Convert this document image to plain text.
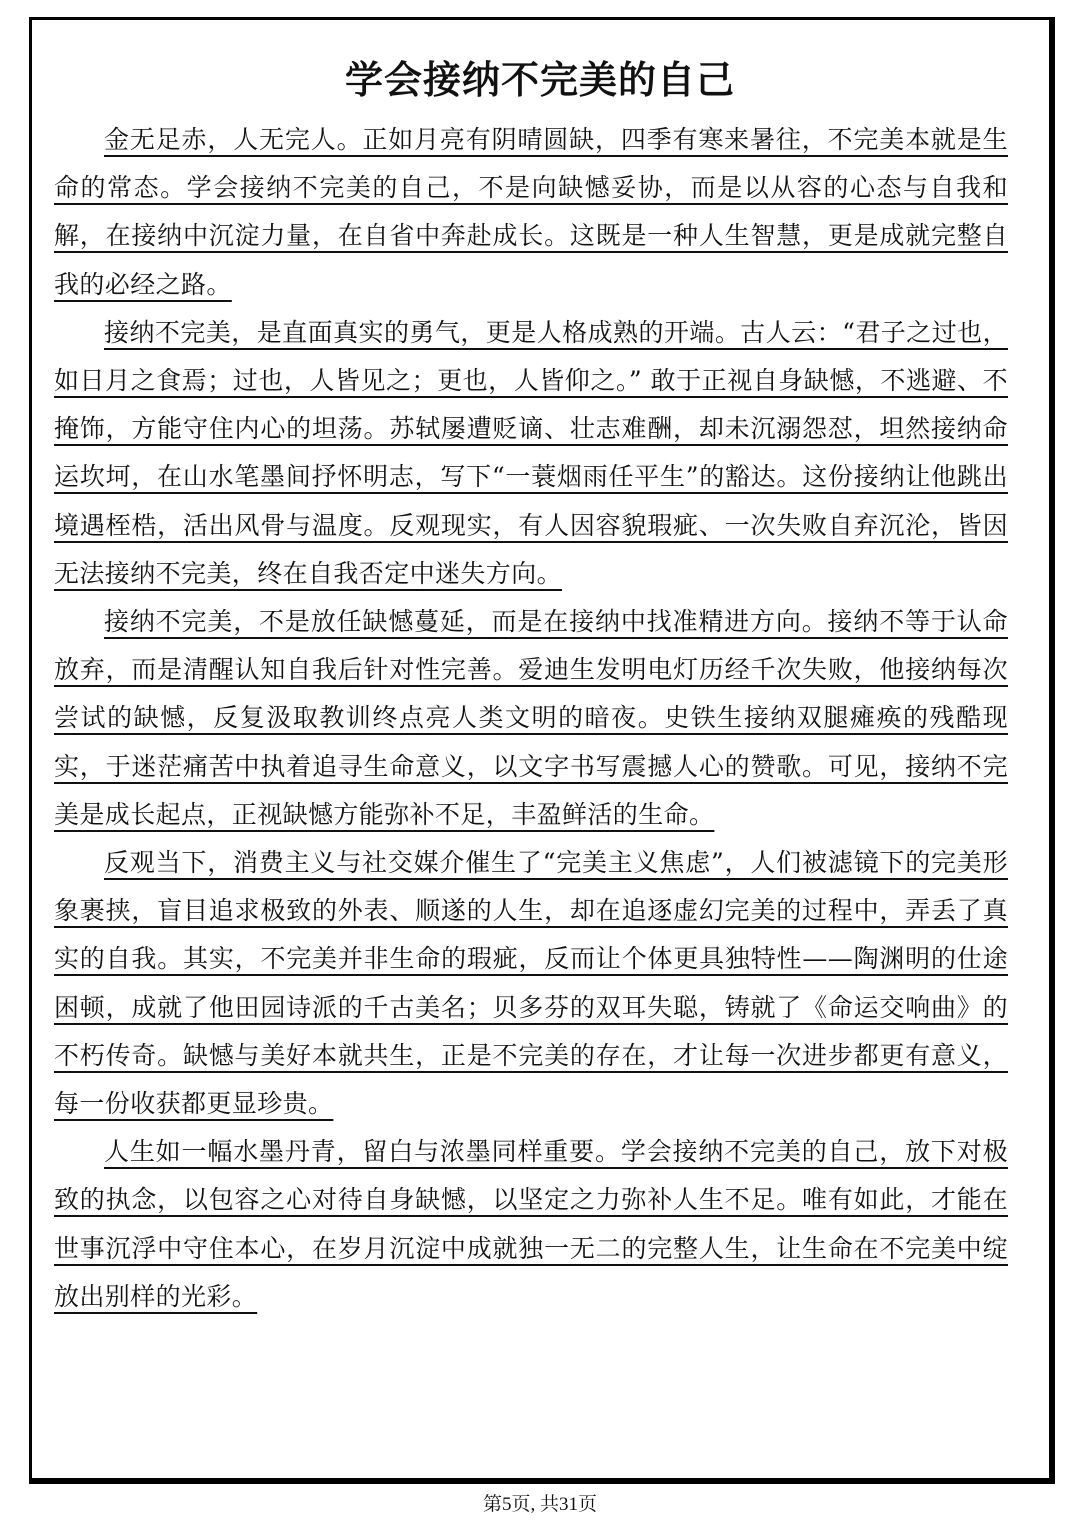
学会接纳不完美的自己

金无足赤，人无完人。正如月亮有阴晴圆缺，四季有寒来暑往，不完美本就是生命的常态。学会接纳不完美的自己，不是向缺憾妥协，而是以从容的心态与自我和解，在接纳中沉淀力量，在自省中奔赴成长。这既是一种人生智慧，更是成就完整自我的必经之路。

接纳不完美，是直面真实的勇气，更是人格成熟的开端。古人云：“君子之过也，如日月之食焉；过也，人皆见之；更也，人皆仰之。” 敢于正视自身缺憾，不逃避、不掩饰，方能守住内心的坦荡。苏轼屡遭贬谪、壮志难酬，却未沉溺怨怼，坦然接纳命运坎坷，在山水笔墨间抒怀明志，写下“一蓑烟雨任平生”的豁达。这份接纳让他跳出境遇桎梏，活出风骨与温度。反观现实，有人因容貌瑕疵、一次失败自弃沉沦，皆因无法接纳不完美，终在自我否定中迷失方向。

接纳不完美，不是放任缺憾蔓延，而是在接纳中找准精进方向。接纳不等于认命放弃，而是清醒认知自我后针对性完善。爱迪生发明电灯历经千次失败，他接纳每次尝试的缺憾，反复汲取教训终点亮人类文明的暗夜。史铁生接纳双腿瘫痪的残酷现实，于迷茫痛苦中执着追寻生命意义，以文字书写震撼人心的赞歌。可见，接纳不完美是成长起点，正视缺憾方能弥补不足，丰盈鲜活的生命。

反观当下，消费主义与社交媒介催生了“完美主义焦虑”，人们被滤镜下的完美形象裹挟，盲目追求极致的外表、顺遂的人生，却在追逐虚幻完美的过程中，弄丢了真实的自我。其实，不完美并非生命的瑕疵，反而让个体更具独特性——陶渊明的仕途困顿，成就了他田园诗派的千古美名；贝多芬的双耳失聪，铸就了《命运交响曲》的不朽传奇。缺憾与美好本就共生，正是不完美的存在，才让每一次进步都更有意义，每一份收获都更显珍贵。

人生如一幅水墨丹青，留白与浓墨同样重要。学会接纳不完美的自己，放下对极致的执念，以包容之心对待自身缺憾，以坚定之力弥补人生不足。唯有如此，才能在世事沉浮中守住本心，在岁月沉淀中成就独一无二的完整人生，让生命在不完美中绽放出别样的光彩。

第5页, 共31页
